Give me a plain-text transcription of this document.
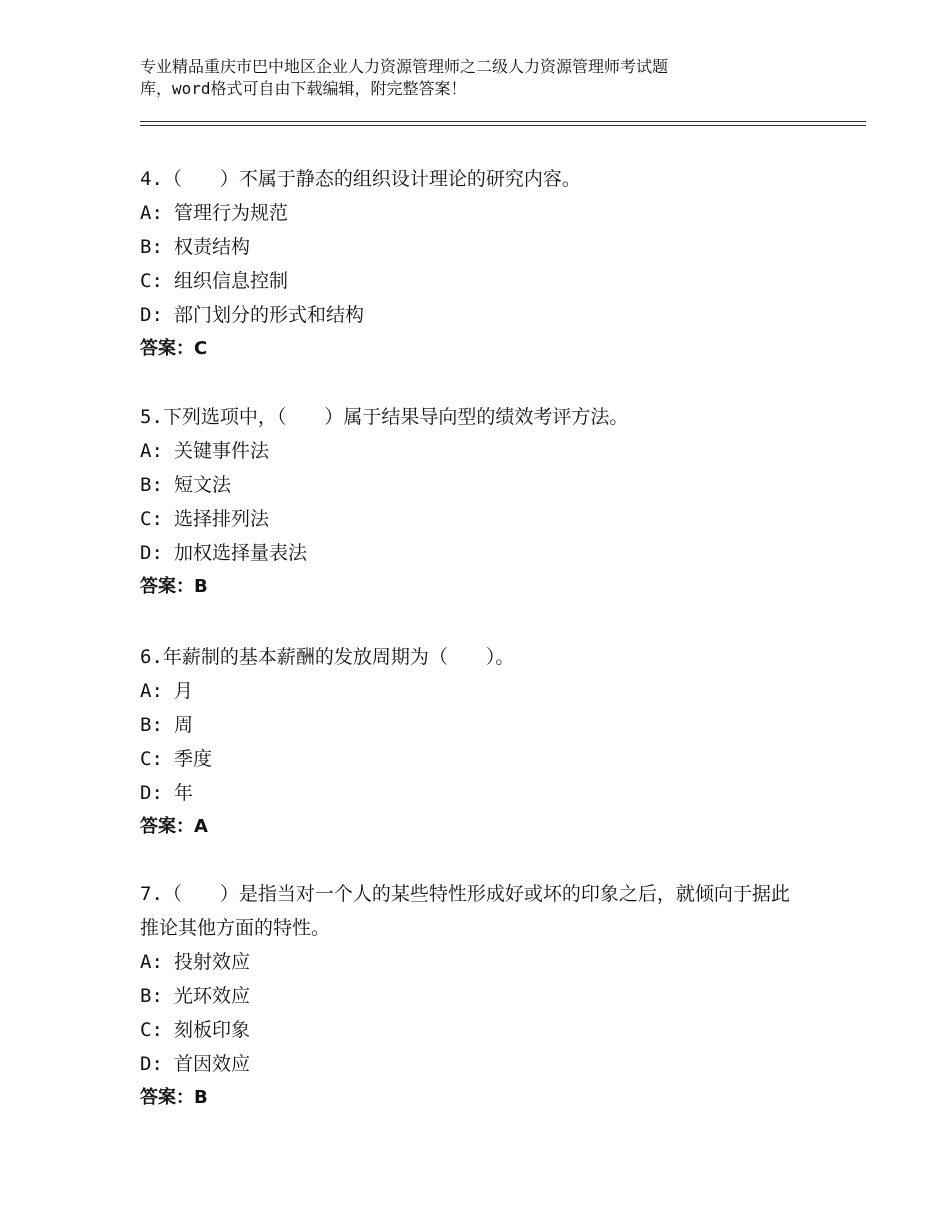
专业精品重庆市巴中地区企业人力资源管理师之二级人力资源管理师考试题
库，word格式可自由下载编辑，附完整答案！
4.（　　）不属于静态的组织设计理论的研究内容。
A: 管理行为规范
B: 权责结构
C: 组织信息控制
D: 部门划分的形式和结构
答案：C
5.下列选项中，（　　）属于结果导向型的绩效考评方法。
A: 关键事件法
B: 短文法
C: 选择排列法
D: 加权选择量表法
答案：B
6.年薪制的基本薪酬的发放周期为（　　）。
A: 月
B: 周
C: 季度
D: 年
答案：A
7.（　　）是指当对一个人的某些特性形成好或坏的印象之后，就倾向于据此推论其他方面的特性。
A: 投射效应
B: 光环效应
C: 刻板印象
D: 首因效应
答案：B
